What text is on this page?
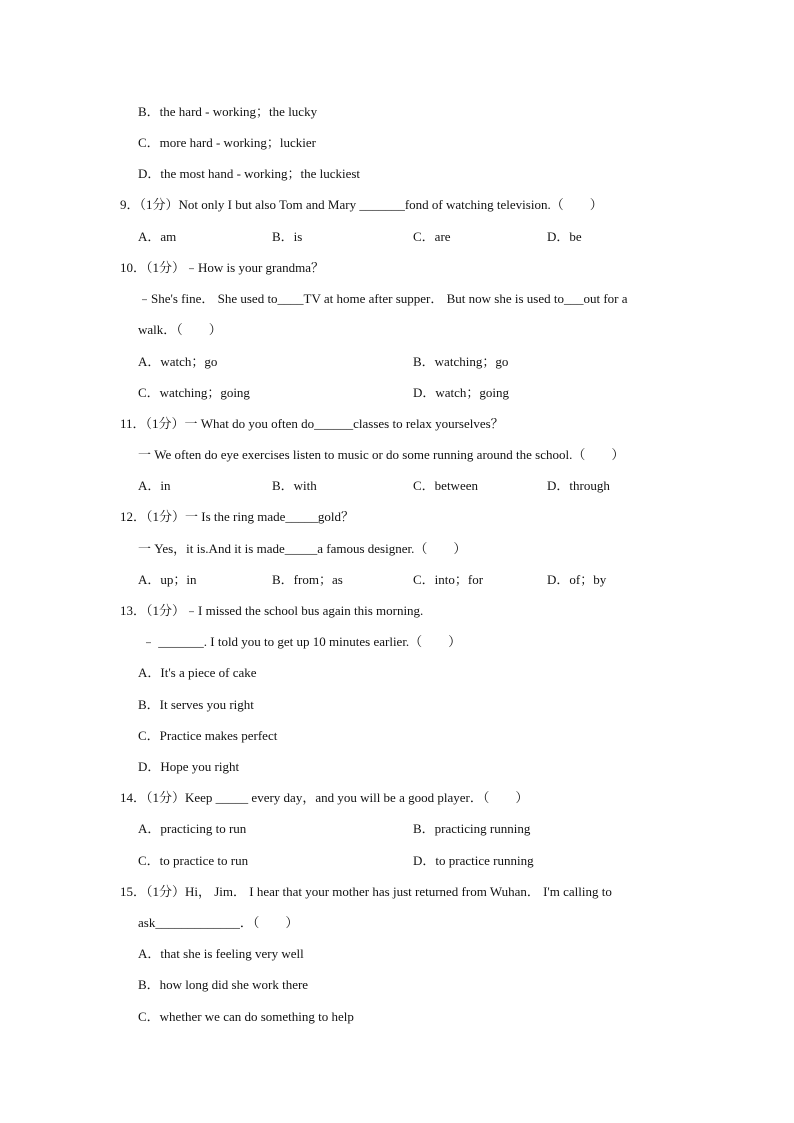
B．the hard - working；the lucky
C．more hard - working；luckier
D．the most hand - working；the luckiest
9．（1分）Not only I but also Tom and Mary _______fond of watching television.（　　）
A．am	B．is	C．are	D．be
10．（1分）﹣How is your grandma？
﹣She's fine． She used to____TV at home after supper． But now she is used to___out for a
walk．（　　）
A．watch；go	B．watching；go
C．watching；going	D．watch；going
11．（1分）一 What do you often do______classes to relax yourselves？
一 We often do eye exercises listen to music or do some running around the school.（　　）
A．in	B．with	C．between	D．through
12．（1分）一 Is the ring made_____gold？
一 Yes，it is.And it is made_____a famous designer.（　　）
A．up；in	B．from；as	C．into；for	D．of；by
13．（1分）﹣I missed the school bus again this morning.
﹣ _______. I told you to get up 10 minutes earlier.（　　）
A．It's a piece of cake
B．It serves you right
C．Practice makes perfect
D．Hope you right
14．（1分）Keep _____ every day，and you will be a good player．（　　）
A．practicing to run	B．practicing running
C．to practice to run	D．to practice running
15．（1分）Hi， Jim． I hear that your mother has just returned from Wuhan． I'm calling to
ask_____________．（　　）
A．that she is feeling very well
B．how long did she work there
C．whether we can do something to help
